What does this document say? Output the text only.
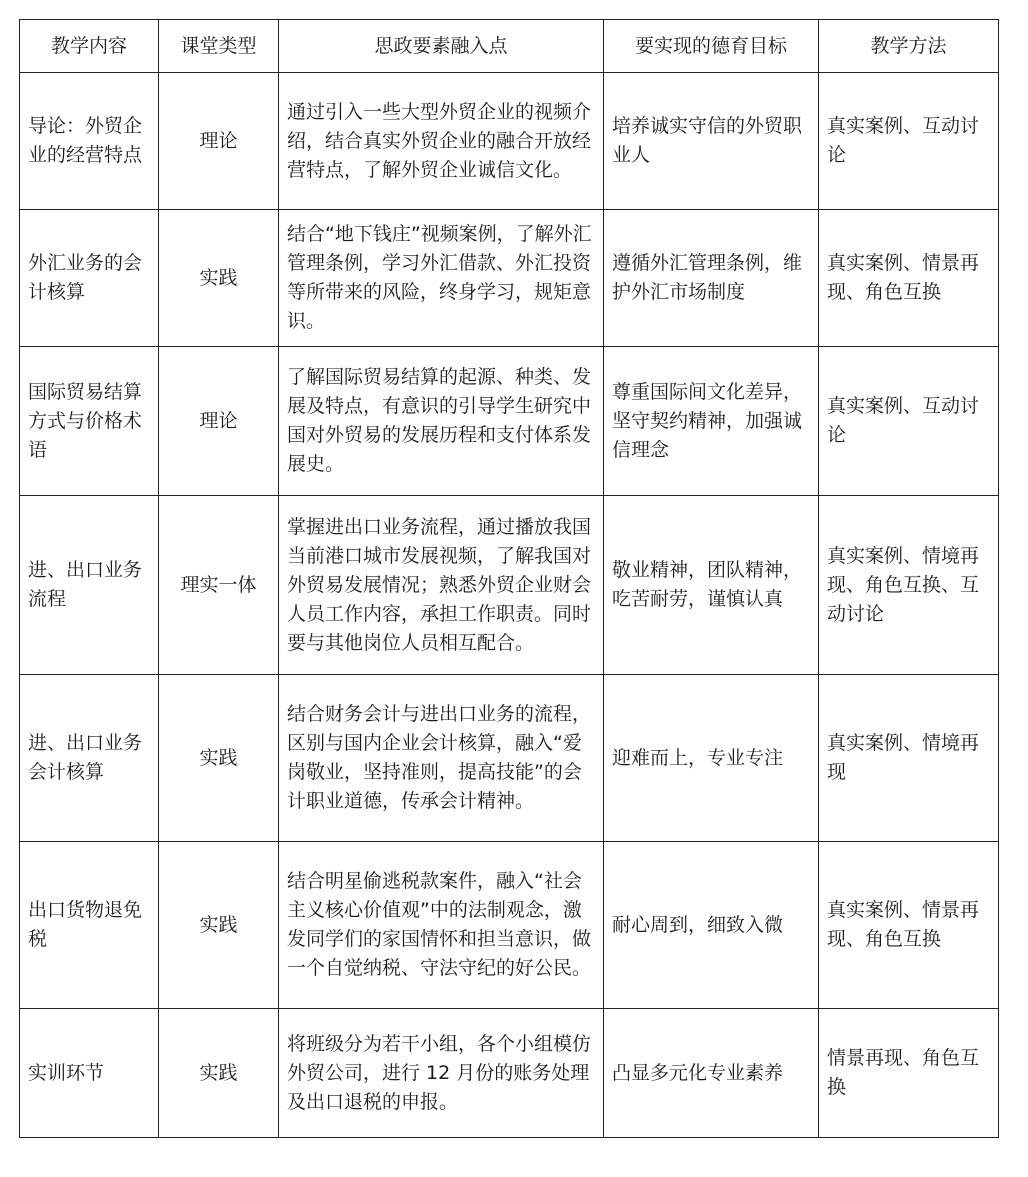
教学内容	课堂类型	思政要素融入点	要实现的德育目标	教学方法
导论：外贸企业的经营特点	理论	通过引入一些大型外贸企业的视频介绍，结合真实外贸企业的融合开放经营特点，了解外贸企业诚信文化。	培养诚实守信的外贸职业人	真实案例、互动讨论
外汇业务的会计核算	实践	结合“地下钱庄”视频案例，了解外汇管理条例，学习外汇借款、外汇投资等所带来的风险，终身学习，规矩意识。	遵循外汇管理条例，维护外汇市场制度	真实案例、情景再现、角色互换
国际贸易结算方式与价格术语	理论	了解国际贸易结算的起源、种类、发展及特点，有意识的引导学生研究中国对外贸易的发展历程和支付体系发展史。	尊重国际间文化差异，坚守契约精神，加强诚信理念	真实案例、互动讨论
进、出口业务流程	理实一体	掌握进出口业务流程，通过播放我国当前港口城市发展视频，了解我国对外贸易发展情况；熟悉外贸企业财会人员工作内容，承担工作职责。同时要与其他岗位人员相互配合。	敬业精神，团队精神，吃苦耐劳，谨慎认真	真实案例、情境再现、角色互换、互动讨论
进、出口业务会计核算	实践	结合财务会计与进出口业务的流程，区别与国内企业会计核算，融入“爱岗敬业，坚持准则，提高技能”的会计职业道德，传承会计精神。	迎难而上，专业专注	真实案例、情境再现
出口货物退免税	实践	结合明星偷逃税款案件，融入“社会主义核心价值观”中的法制观念，激发同学们的家国情怀和担当意识，做一个自觉纳税、守法守纪的好公民。	耐心周到，细致入微	真实案例、情景再现、角色互换
实训环节	实践	将班级分为若干小组，各个小组模仿外贸公司，进行 12 月份的账务处理及出口退税的申报。	凸显多元化专业素养	情景再现、角色互换
